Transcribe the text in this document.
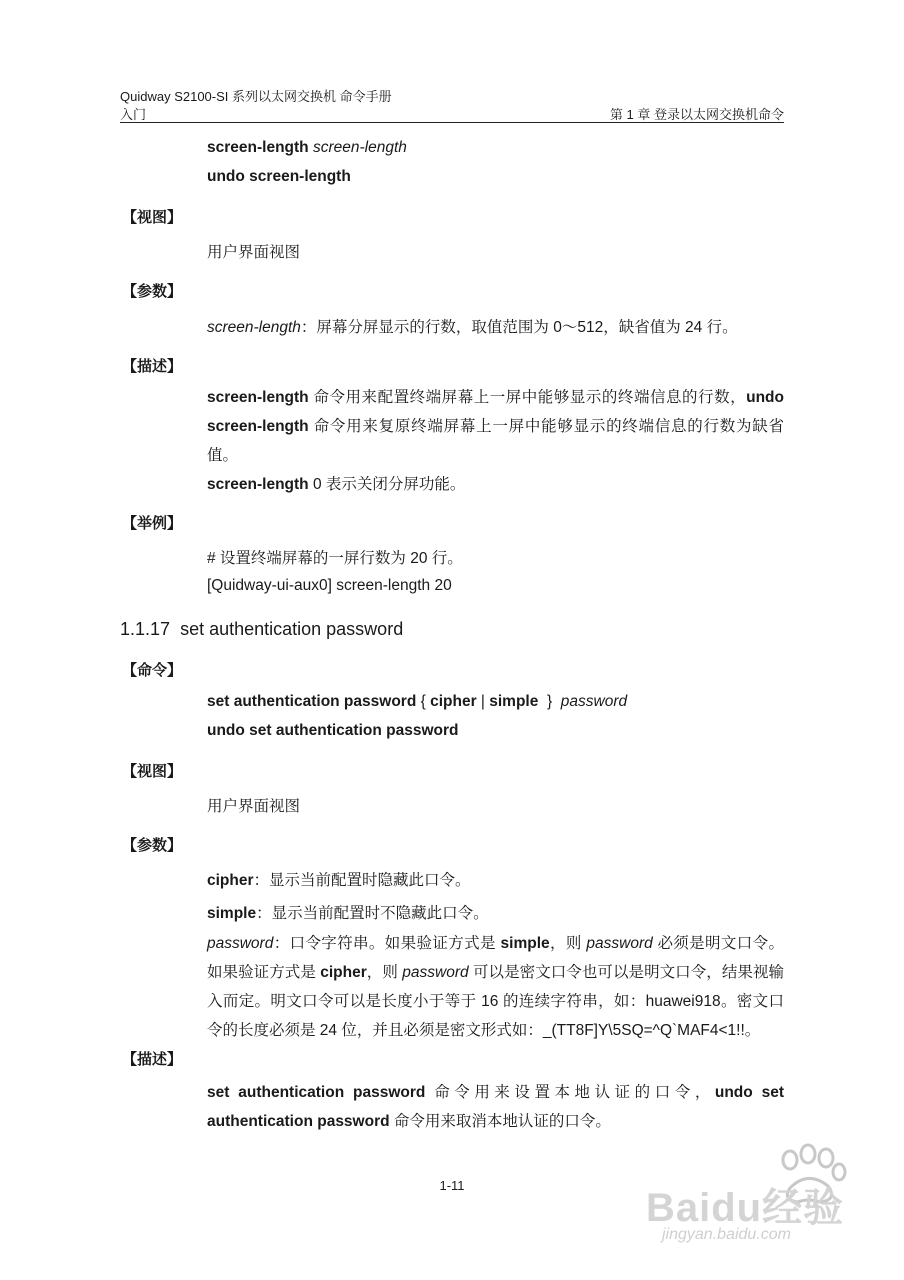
Quidway S2100-SI 系列以太网交换机 命令手册
入门	第 1 章 登录以太网交换机命令
screen-length screen-length
undo screen-length
【视图】
用户界面视图
【参数】
screen-length：屏幕分屏显示的行数，取值范围为 0～512，缺省值为 24 行。
【描述】
screen-length 命令用来配置终端屏幕上一屏中能够显示的终端信息的行数，undo screen-length 命令用来复原终端屏幕上一屏中能够显示的终端信息的行数为缺省值。
screen-length 0 表示关闭分屏功能。
【举例】
# 设置终端屏幕的一屏行数为 20 行。
[Quidway-ui-aux0] screen-length 20
1.1.17 set authentication password
【命令】
set authentication password { cipher | simple  }  password
undo set authentication password
【视图】
用户界面视图
【参数】
cipher：显示当前配置时隐藏此口令。
simple：显示当前配置时不隐藏此口令。
password：口令字符串。如果验证方式是 simple，则 password 必须是明文口令。如果验证方式是 cipher，则 password 可以是密文口令也可以是明文口令，结果视输入而定。明文口令可以是长度小于等于 16 的连续字符串，如：huawei918。密文口令的长度必须是 24 位，并且必须是密文形式如：_(TT8F]Y\5SQ=^Q`MAF4<1!!。
【描述】
set authentication password 命令用来设置本地认证的口令，undo set authentication password 命令用来取消本地认证的口令。
1-11
Baidu经验
jingyan.baidu.com
